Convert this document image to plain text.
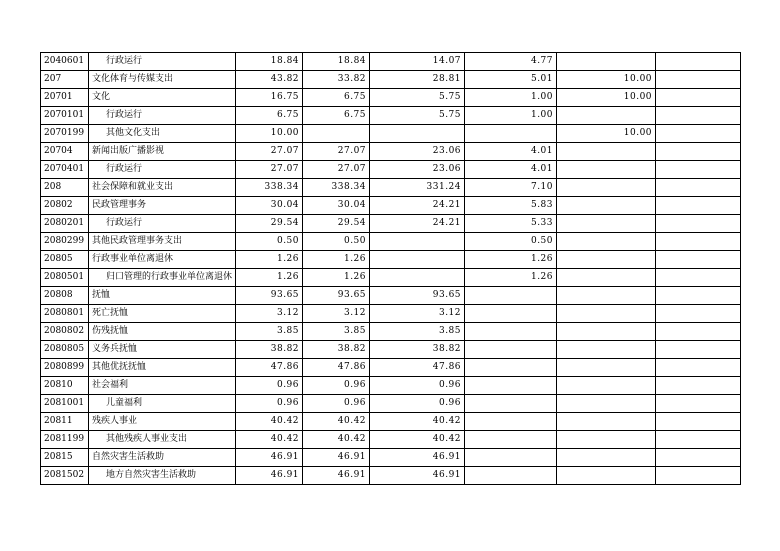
2040601	行政运行	18.84	18.84	14.07	4.77		
207	文化体育与传媒支出	43.82	33.82	28.81	5.01	10.00	
20701	文化	16.75	6.75	5.75	1.00	10.00	
2070101	行政运行	6.75	6.75	5.75	1.00		
2070199	其他文化支出	10.00				10.00	
20704	新闻出版广播影视	27.07	27.07	23.06	4.01		
2070401	行政运行	27.07	27.07	23.06	4.01		
208	社会保障和就业支出	338.34	338.34	331.24	7.10		
20802	民政管理事务	30.04	30.04	24.21	5.83		
2080201	行政运行	29.54	29.54	24.21	5.33		
2080299	其他民政管理事务支出	0.50	0.50		0.50		
20805	行政事业单位离退休	1.26	1.26		1.26		
2080501	归口管理的行政事业单位离退休	1.26	1.26		1.26		
20808	抚恤	93.65	93.65	93.65			
2080801	死亡抚恤	3.12	3.12	3.12			
2080802	伤残抚恤	3.85	3.85	3.85			
2080805	义务兵抚恤	38.82	38.82	38.82			
2080899	其他优抚抚恤	47.86	47.86	47.86			
20810	社会福利	0.96	0.96	0.96			
2081001	儿童福利	0.96	0.96	0.96			
20811	残疾人事业	40.42	40.42	40.42			
2081199	其他残疾人事业支出	40.42	40.42	40.42			
20815	自然灾害生活救助	46.91	46.91	46.91			
2081502	地方自然灾害生活救助	46.91	46.91	46.91			
